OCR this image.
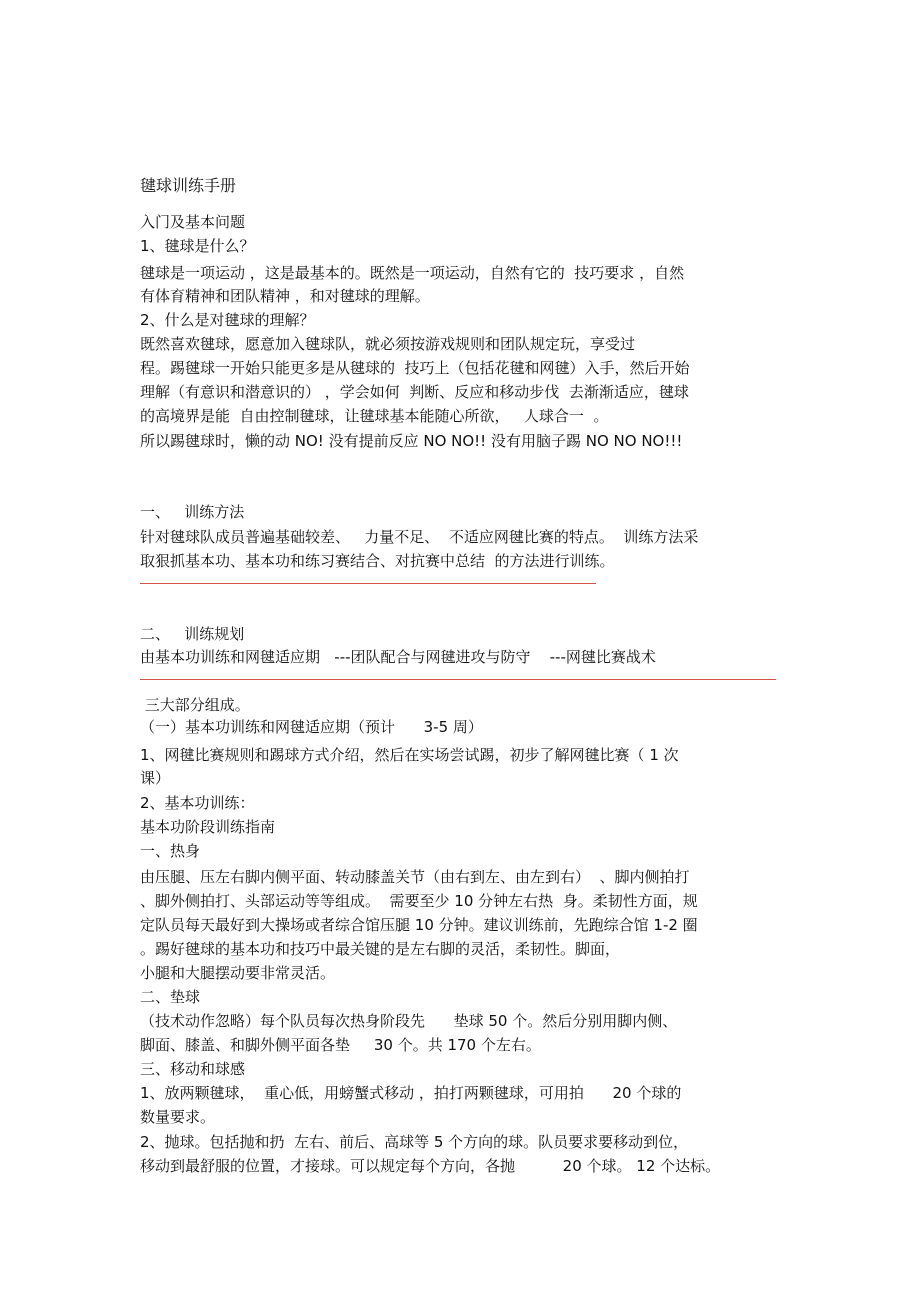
毽球训练手册

入门及基本问题

1、毽球是什么？

毽球是一项运动 ，这是最基本的。既然是一项运动，自然有它的  技巧要求 ，自然

有体育精神和团队精神 ，和对毽球的理解。

2、什么是对毽球的理解？

既然喜欢毽球，愿意加入毽球队，就必须按游戏规则和团队规定玩，享受过

程。踢毽球一开始只能更多是从毽球的  技巧上（包括花毽和网毽）入手，然后开始

理解（有意识和潜意识的） ，学会如何  判断、反应和移动步伐  去渐渐适应，毽球

的高境界是能  自由控制毽球，让毽球基本能随心所欲，   人球合一  。

所以踢毽球时，懒的动 NO! 没有提前反应 NO NO!! 没有用脑子踢 NO NO NO!!!

一、   训练方法

针对毽球队成员普遍基础较差、   力量不足、  不适应网毽比赛的特点。  训练方法采

取狠抓基本功、基本功和练习赛结合、对抗赛中总结  的方法进行训练。

二、   训练规划

由基本功训练和网毽适应期   ---团队配合与网毽进攻与防守    ---网毽比赛战术

三大部分组成。

（一）基本功训练和网毽适应期（预计      3-5 周）

1、网毽比赛规则和踢球方式介绍，然后在实场尝试踢，初步了解网毽比赛（ 1 次

课）

2、基本功训练：

基本功阶段训练指南

一、热身

由压腿、压左右脚内侧平面、转动膝盖关节（由右到左、由左到右）  、脚内侧拍打

、脚外侧拍打、头部运动等等组成。  需要至少 10 分钟左右热  身。柔韧性方面，规

定队员每天最好到大操场或者综合馆压腿 10 分钟。建议训练前，先跑综合馆 1-2 圈

。踢好毽球的基本功和技巧中最关键的是左右脚的灵活，柔韧性。脚面，

小腿和大腿摆动要非常灵活。

二、垫球

（技术动作忽略）每个队员每次热身阶段先      垫球 50 个。然后分别用脚内侧、

脚面、膝盖、和脚外侧平面各垫     30 个。共 170 个左右。

三、移动和球感

1、放两颗毽球，  重心低，用螃蟹式移动 ，拍打两颗毽球，可用拍      20 个球的

数量要求。

2、抛球。包括抛和扔  左右、前后、高球等 5 个方向的球。队员要求要移动到位，

移动到最舒服的位置，才接球。可以规定每个方向，各抛          20 个球。 12 个达标。
